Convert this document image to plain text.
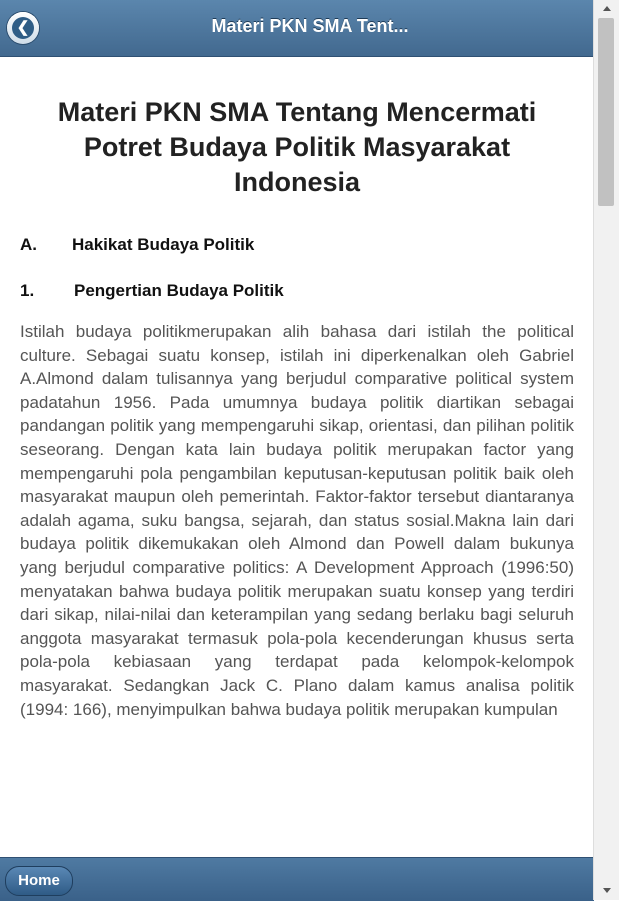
❮	Materi PKN SMA Tent...
Materi PKN SMA Tentang Mencermati Potret Budaya Politik Masyarakat Indonesia
A. Hakikat Budaya Politik
1. Pengertian Budaya Politik

Istilah budaya politikmerupakan alih bahasa dari istilah the political culture. Sebagai suatu konsep, istilah ini diperkenalkan oleh Gabriel A.Almond dalam tulisannya yang berjudul comparative political system padatahun 1956. Pada umumnya budaya politik diartikan sebagai pandangan politik yang mempengaruhi sikap, orientasi, dan pilihan politik seseorang. Dengan kata lain budaya politik merupakan factor yang mempengaruhi pola pengambilan keputusan-keputusan politik baik oleh masyarakat maupun oleh pemerintah. Faktor-faktor tersebut diantaranya adalah agama, suku bangsa, sejarah, dan status sosial.Makna lain dari budaya politik dikemukakan oleh Almond dan Powell dalam bukunya yang berjudul comparative politics: A Development Approach (1996:50) menyatakan bahwa budaya politik merupakan suatu konsep yang terdiri dari sikap, nilai-nilai dan keterampilan yang sedang berlaku bagi seluruh anggota masyarakat termasuk pola-pola kecenderungan khusus serta pola-pola kebiasaan yang terdapat pada kelompok-kelompok masyarakat. Sedangkan Jack C. Plano dalam kamus analisa politik (1994: 166), menyimpulkan bahwa budaya politik merupakan kumpulan

Home
